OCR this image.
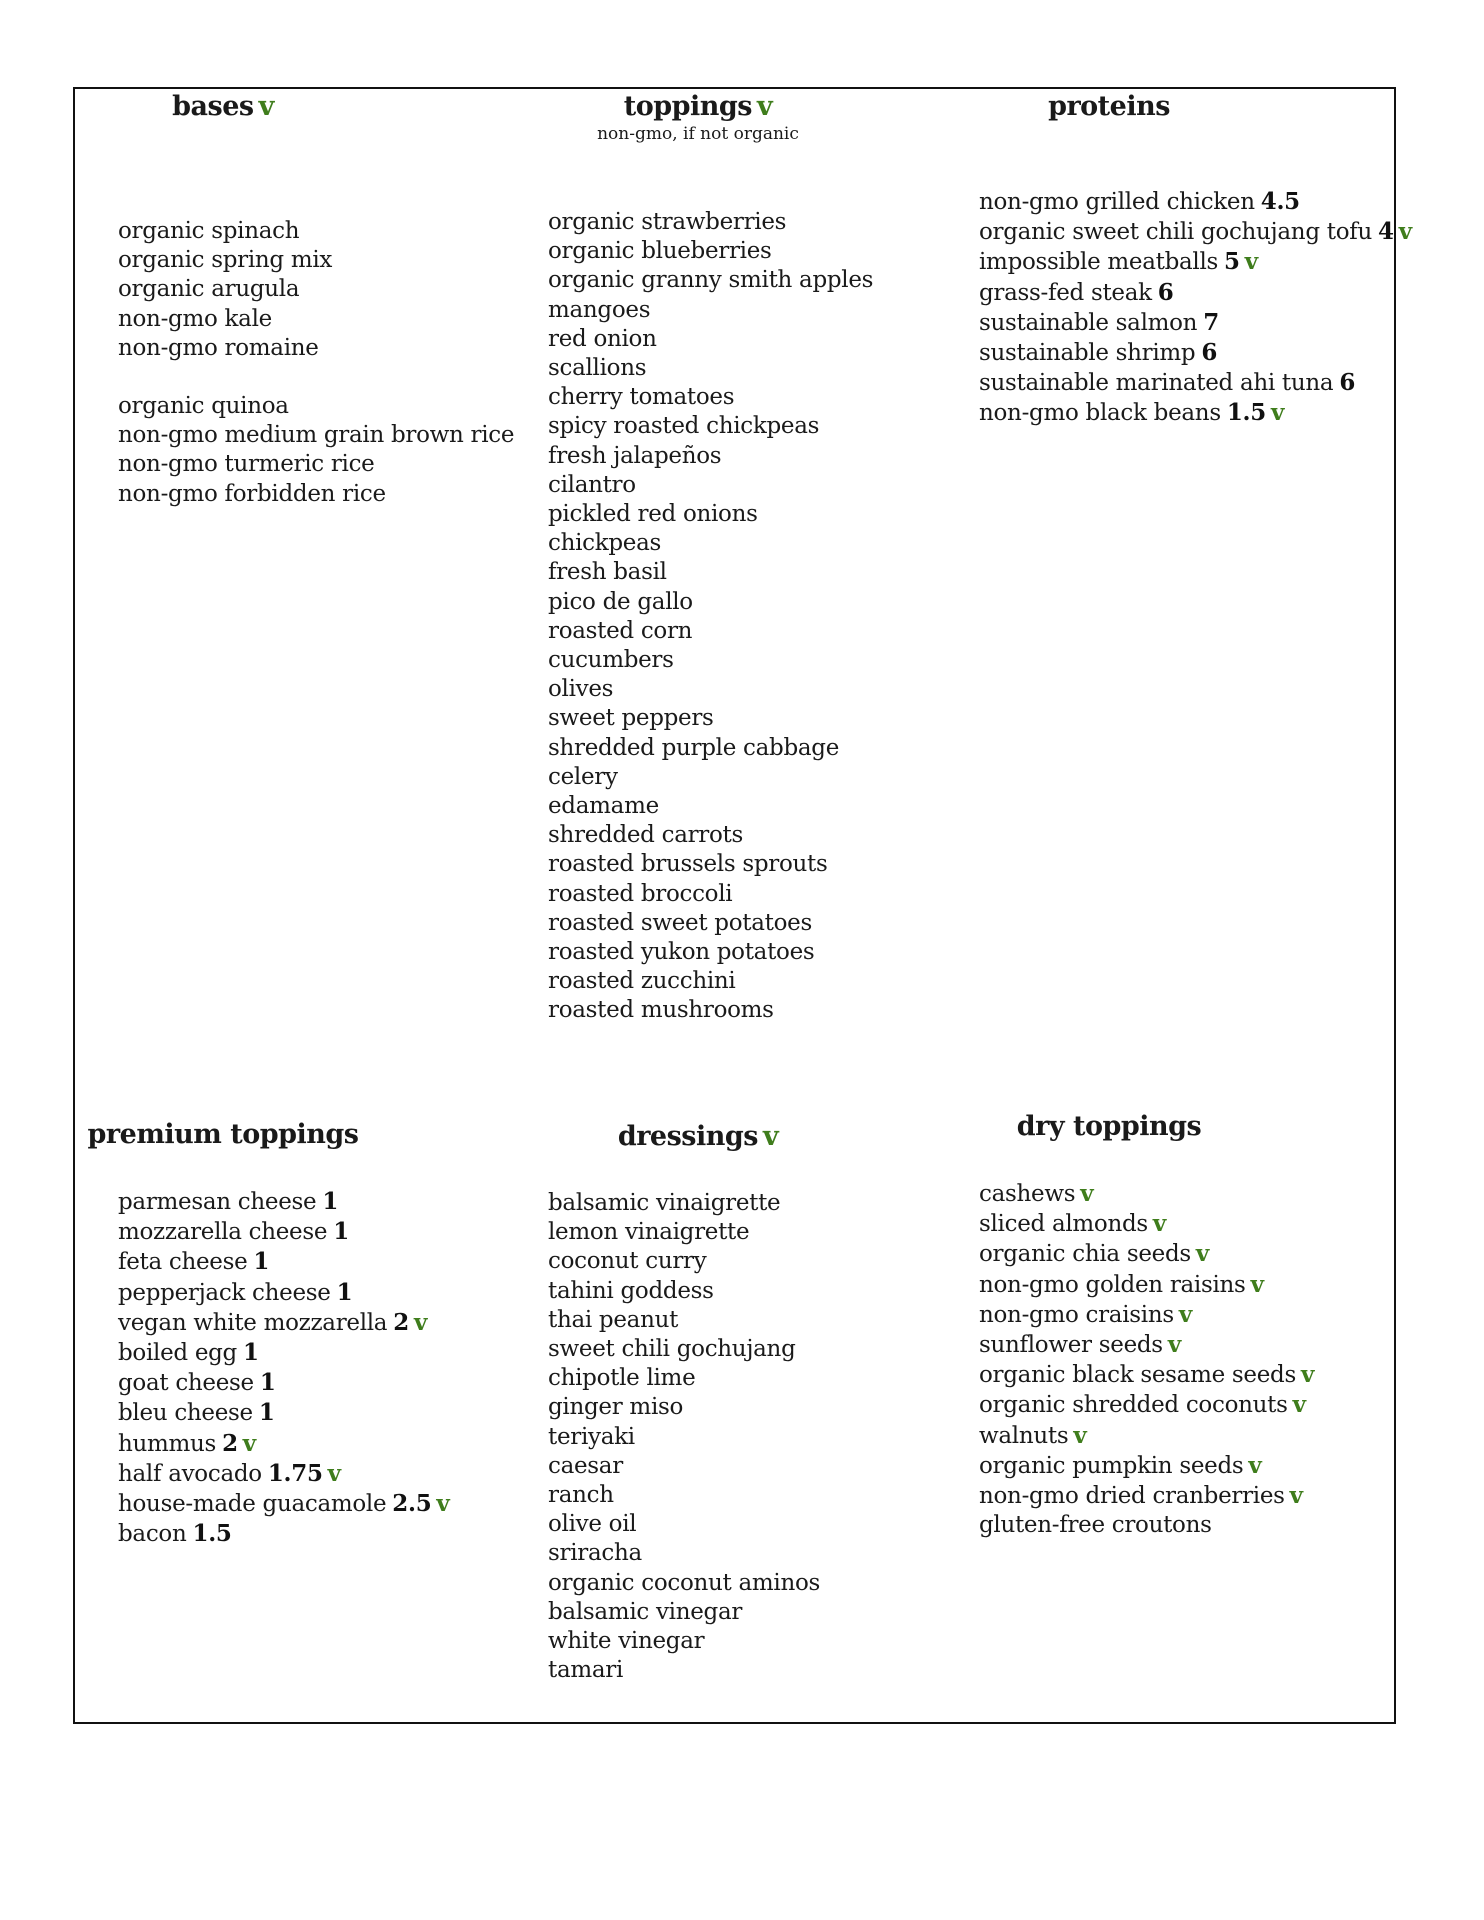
bases v
organic spinach
organic spring mix
organic arugula
non-gmo kale
non-gmo romaine
organic quinoa
non-gmo medium grain brown rice
non-gmo turmeric rice
non-gmo forbidden rice
toppings v
non-gmo, if not organic
organic strawberries
organic blueberries
organic granny smith apples
mangoes
red onion
scallions
cherry tomatoes
spicy roasted chickpeas
fresh jalapeños
cilantro
pickled red onions
chickpeas
fresh basil
pico de gallo
roasted corn
cucumbers
olives
sweet peppers
shredded purple cabbage
celery
edamame
shredded carrots
roasted brussels sprouts
roasted broccoli
roasted sweet potatoes
roasted yukon potatoes
roasted zucchini
roasted mushrooms
proteins
non-gmo grilled chicken 4.5
organic sweet chili gochujang tofu 4 v
impossible meatballs 5 v
grass-fed steak 6
sustainable salmon 7
sustainable shrimp 6
sustainable marinated ahi tuna 6
non-gmo black beans 1.5 v
premium toppings
parmesan cheese 1
mozzarella cheese 1
feta cheese 1
pepperjack cheese 1
vegan white mozzarella 2 v
boiled egg 1
goat cheese 1
bleu cheese 1
hummus 2 v
half avocado 1.75 v
house-made guacamole 2.5 v
bacon 1.5
dressings v
balsamic vinaigrette
lemon vinaigrette
coconut curry
tahini goddess
thai peanut
sweet chili gochujang
chipotle lime
ginger miso
teriyaki
caesar
ranch
olive oil
sriracha
organic coconut aminos
balsamic vinegar
white vinegar
tamari
dry toppings
cashews v
sliced almonds v
organic chia seeds v
non-gmo golden raisins v
non-gmo craisins v
sunflower seeds v
organic black sesame seeds v
organic shredded coconuts v
walnuts v
organic pumpkin seeds v
non-gmo dried cranberries v
gluten-free croutons
